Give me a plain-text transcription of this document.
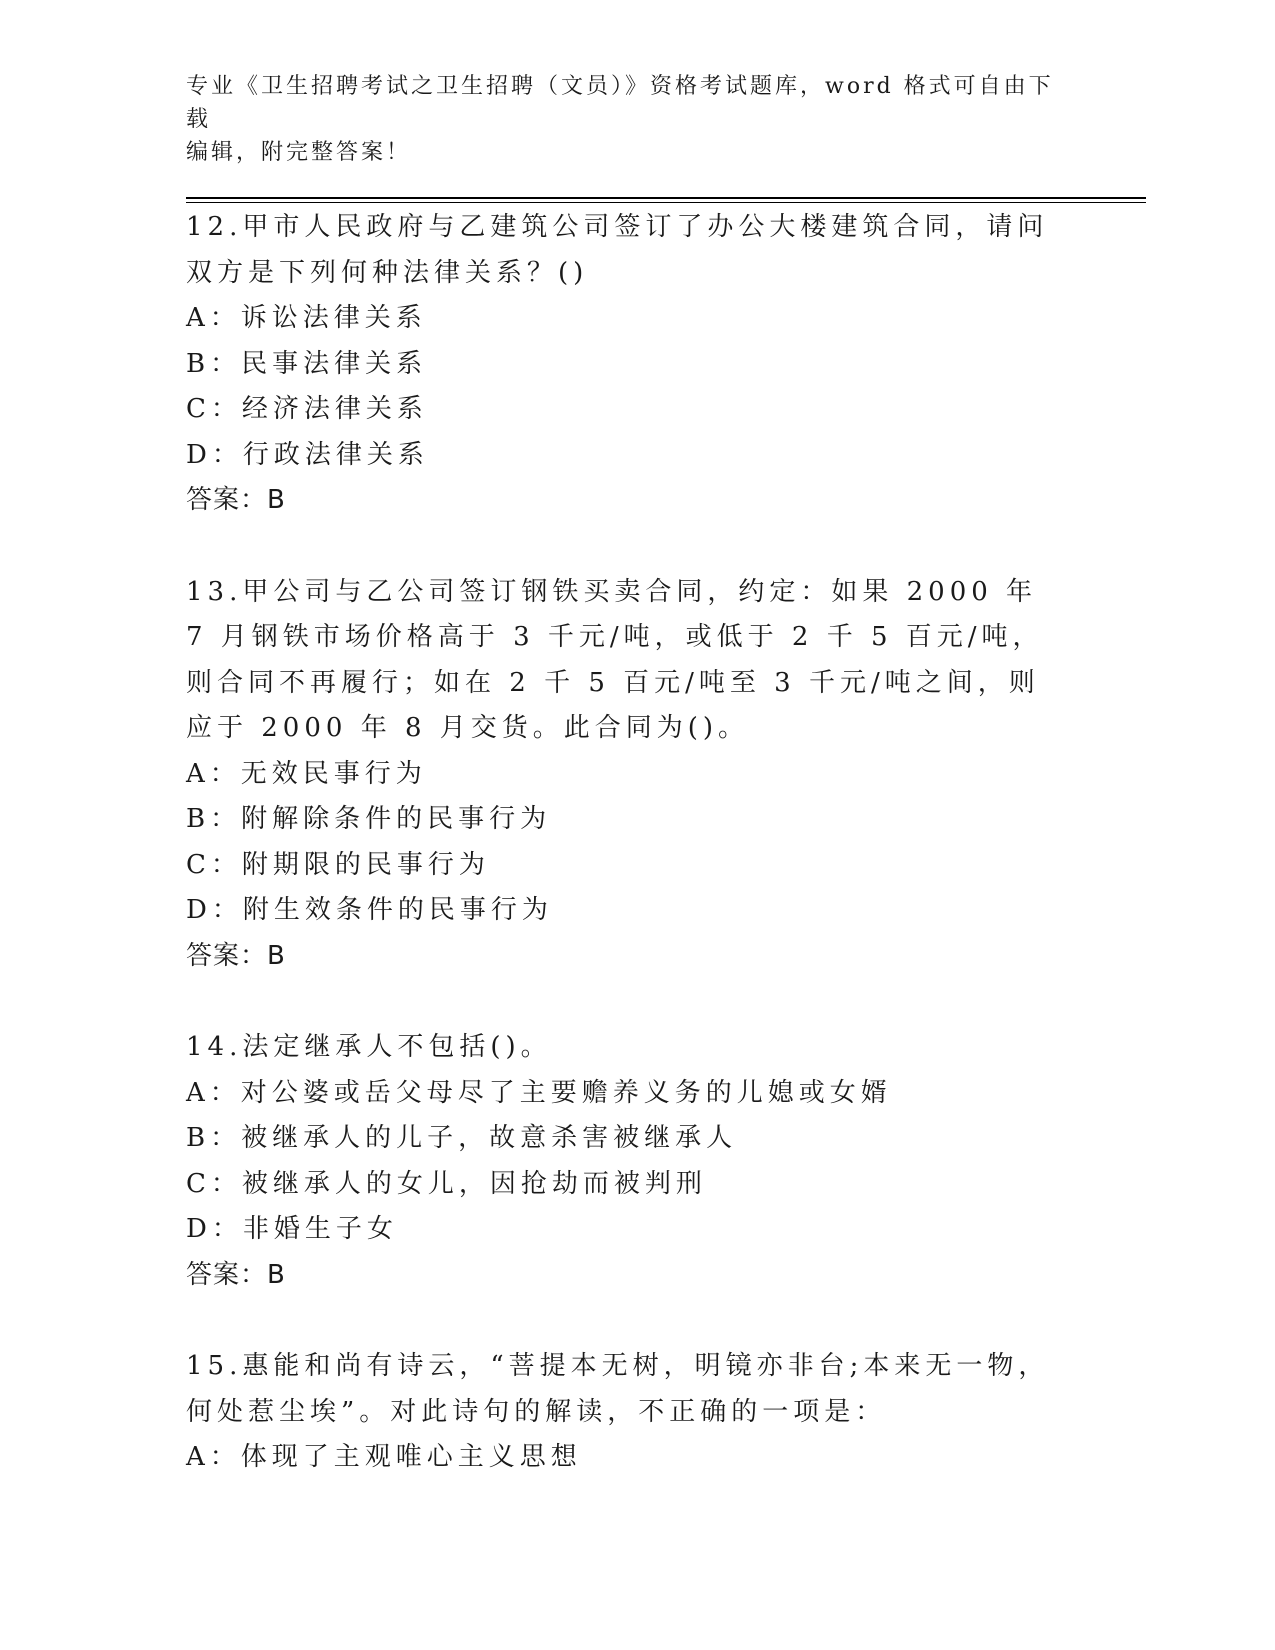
专业《卫生招聘考试之卫生招聘（文员）》资格考试题库，word 格式可自由下载
编辑，附完整答案！
12.甲市人民政府与乙建筑公司签订了办公大楼建筑合同，请问双方是下列何种法律关系？()
A：诉讼法律关系
B：民事法律关系
C：经济法律关系
D：行政法律关系
答案：B
13.甲公司与乙公司签订钢铁买卖合同，约定：如果 2000 年 7 月钢铁市场价格高于 3 千元/吨，或低于 2 千 5 百元/吨，则合同不再履行；如在 2 千 5 百元/吨至 3 千元/吨之间，则应于 2000 年 8 月交货。此合同为()。
A：无效民事行为
B：附解除条件的民事行为
C：附期限的民事行为
D：附生效条件的民事行为
答案：B
14.法定继承人不包括()。
A：对公婆或岳父母尽了主要赡养义务的儿媳或女婿
B：被继承人的儿子，故意杀害被继承人
C：被继承人的女儿，因抢劫而被判刑
D：非婚生子女
答案：B
15.惠能和尚有诗云，“菩提本无树，明镜亦非台;本来无一物，何处惹尘埃”。对此诗句的解读，不正确的一项是：
A：体现了主观唯心主义思想
